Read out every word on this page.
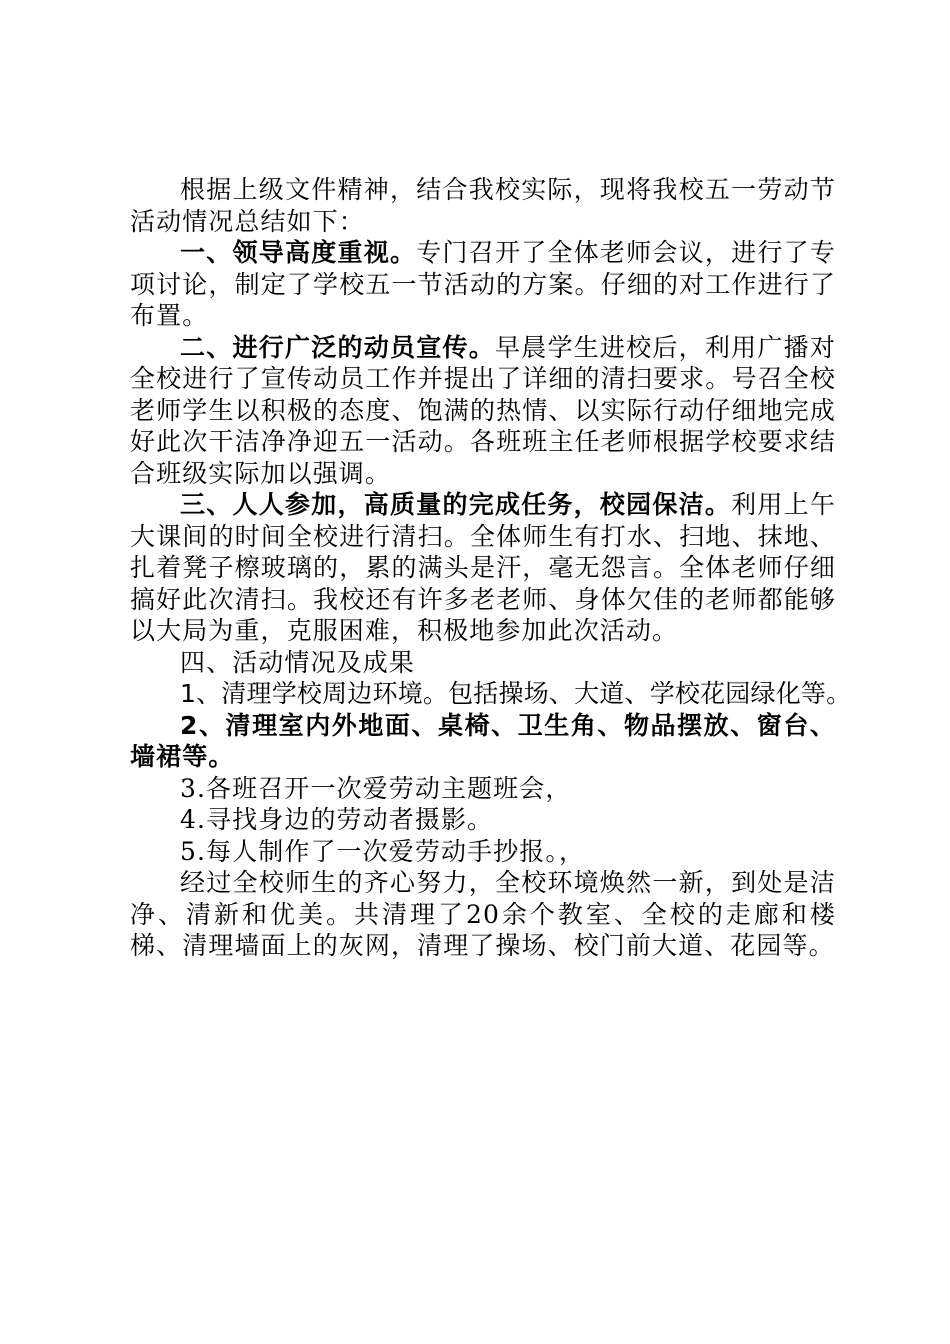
根据上级文件精神，结合我校实际，现将我校五一劳动节活动情况总结如下：

一、领导高度重视。专门召开了全体老师会议，进行了专项讨论，制定了学校五一节活动的方案。仔细的对工作进行了布置。

二、进行广泛的动员宣传。早晨学生进校后，利用广播对全校进行了宣传动员工作并提出了详细的清扫要求。号召全校老师学生以积极的态度、饱满的热情、以实际行动仔细地完成好此次干洁净净迎五一活动。各班班主任老师根据学校要求结合班级实际加以强调。

三、人人参加，高质量的完成任务，校园保洁。利用上午大课间的时间全校进行清扫。全体师生有打水、扫地、抹地、扎着凳子檫玻璃的，累的满头是汗，毫无怨言。全体老师仔细搞好此次清扫。我校还有许多老老师、身体欠佳的老师都能够以大局为重，克服困难，积极地参加此次活动。

四、活动情况及成果

1、清理学校周边环境。包括操场、大道、学校花园绿化等。

2、清理室内外地面、桌椅、卫生角、物品摆放、窗台、墙裙等。

3.各班召开一次爱劳动主题班会，

4.寻找身边的劳动者摄影。

5.每人制作了一次爱劳动手抄报。，

经过全校师生的齐心努力，全校环境焕然一新，到处是洁净、清新和优美。共清理了20余个教室、全校的走廊和楼梯、清理墙面上的灰网，清理了操场、校门前大道、花园等。
